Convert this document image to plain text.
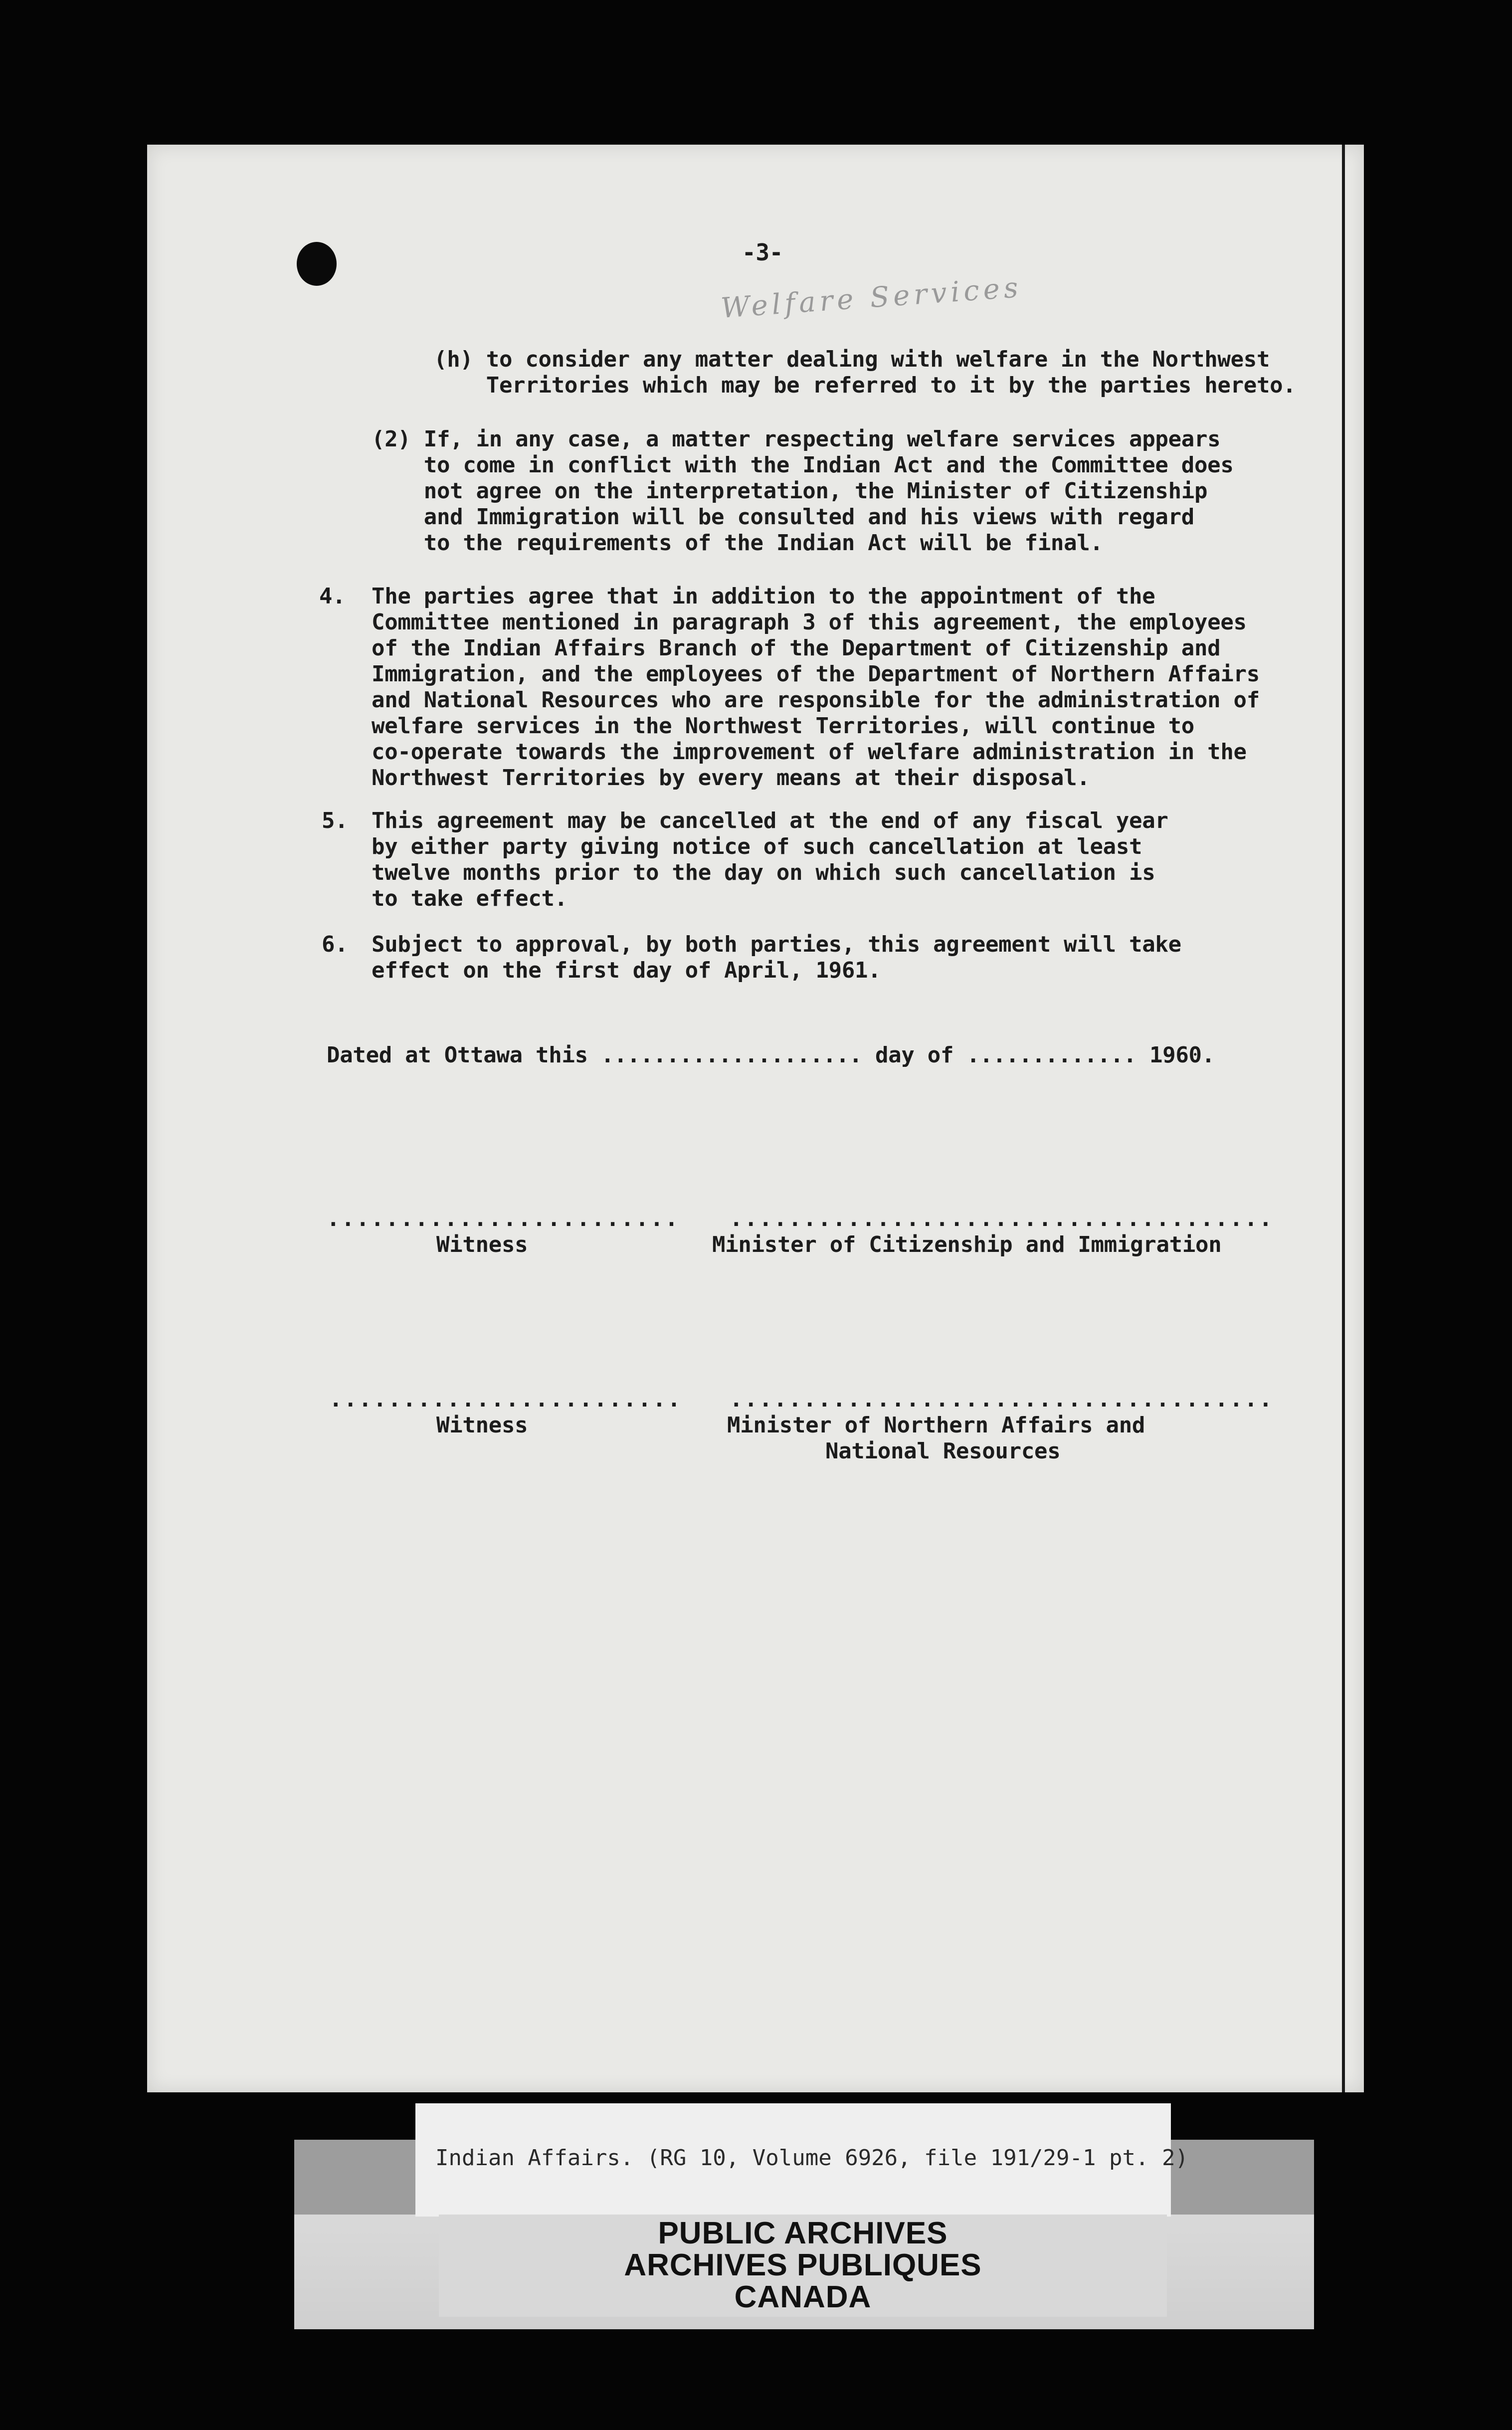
-3-
Welfare Services
(h) to consider any matter dealing with welfare in the Northwest
Territories which may be referred to it by the parties hereto.
(2) If, in any case, a matter respecting welfare services appears
to come in conflict with the Indian Act and the Committee does
not agree on the interpretation, the Minister of Citizenship
and Immigration will be consulted and his views with regard
to the requirements of the Indian Act will be final.
4. The parties agree that in addition to the appointment of the
Committee mentioned in paragraph 3 of this agreement, the employees
of the Indian Affairs Branch of the Department of Citizenship and
Immigration, and the employees of the Department of Northern Affairs
and National Resources who are responsible for the administration of
welfare services in the Northwest Territories, will continue to
co-operate towards the improvement of welfare administration in the
Northwest Territories by every means at their disposal.
5. This agreement may be cancelled at the end of any fiscal year
by either party giving notice of such cancellation at least
twelve months prior to the day on which such cancellation is
to take effect.
6. Subject to approval, by both parties, this agreement will take
effect on the first day of April, 1961.
Dated at Ottawa this .................... day of ............. 1960.
........................
Witness
.....................................
Minister of Citizenship and Immigration
........................
Witness
.....................................
Minister of Northern Affairs and
National Resources
Indian Affairs. (RG 10, Volume 6926, file 191/29-1 pt. 2)
PUBLIC ARCHIVES
ARCHIVES PUBLIQUES
CANADA
